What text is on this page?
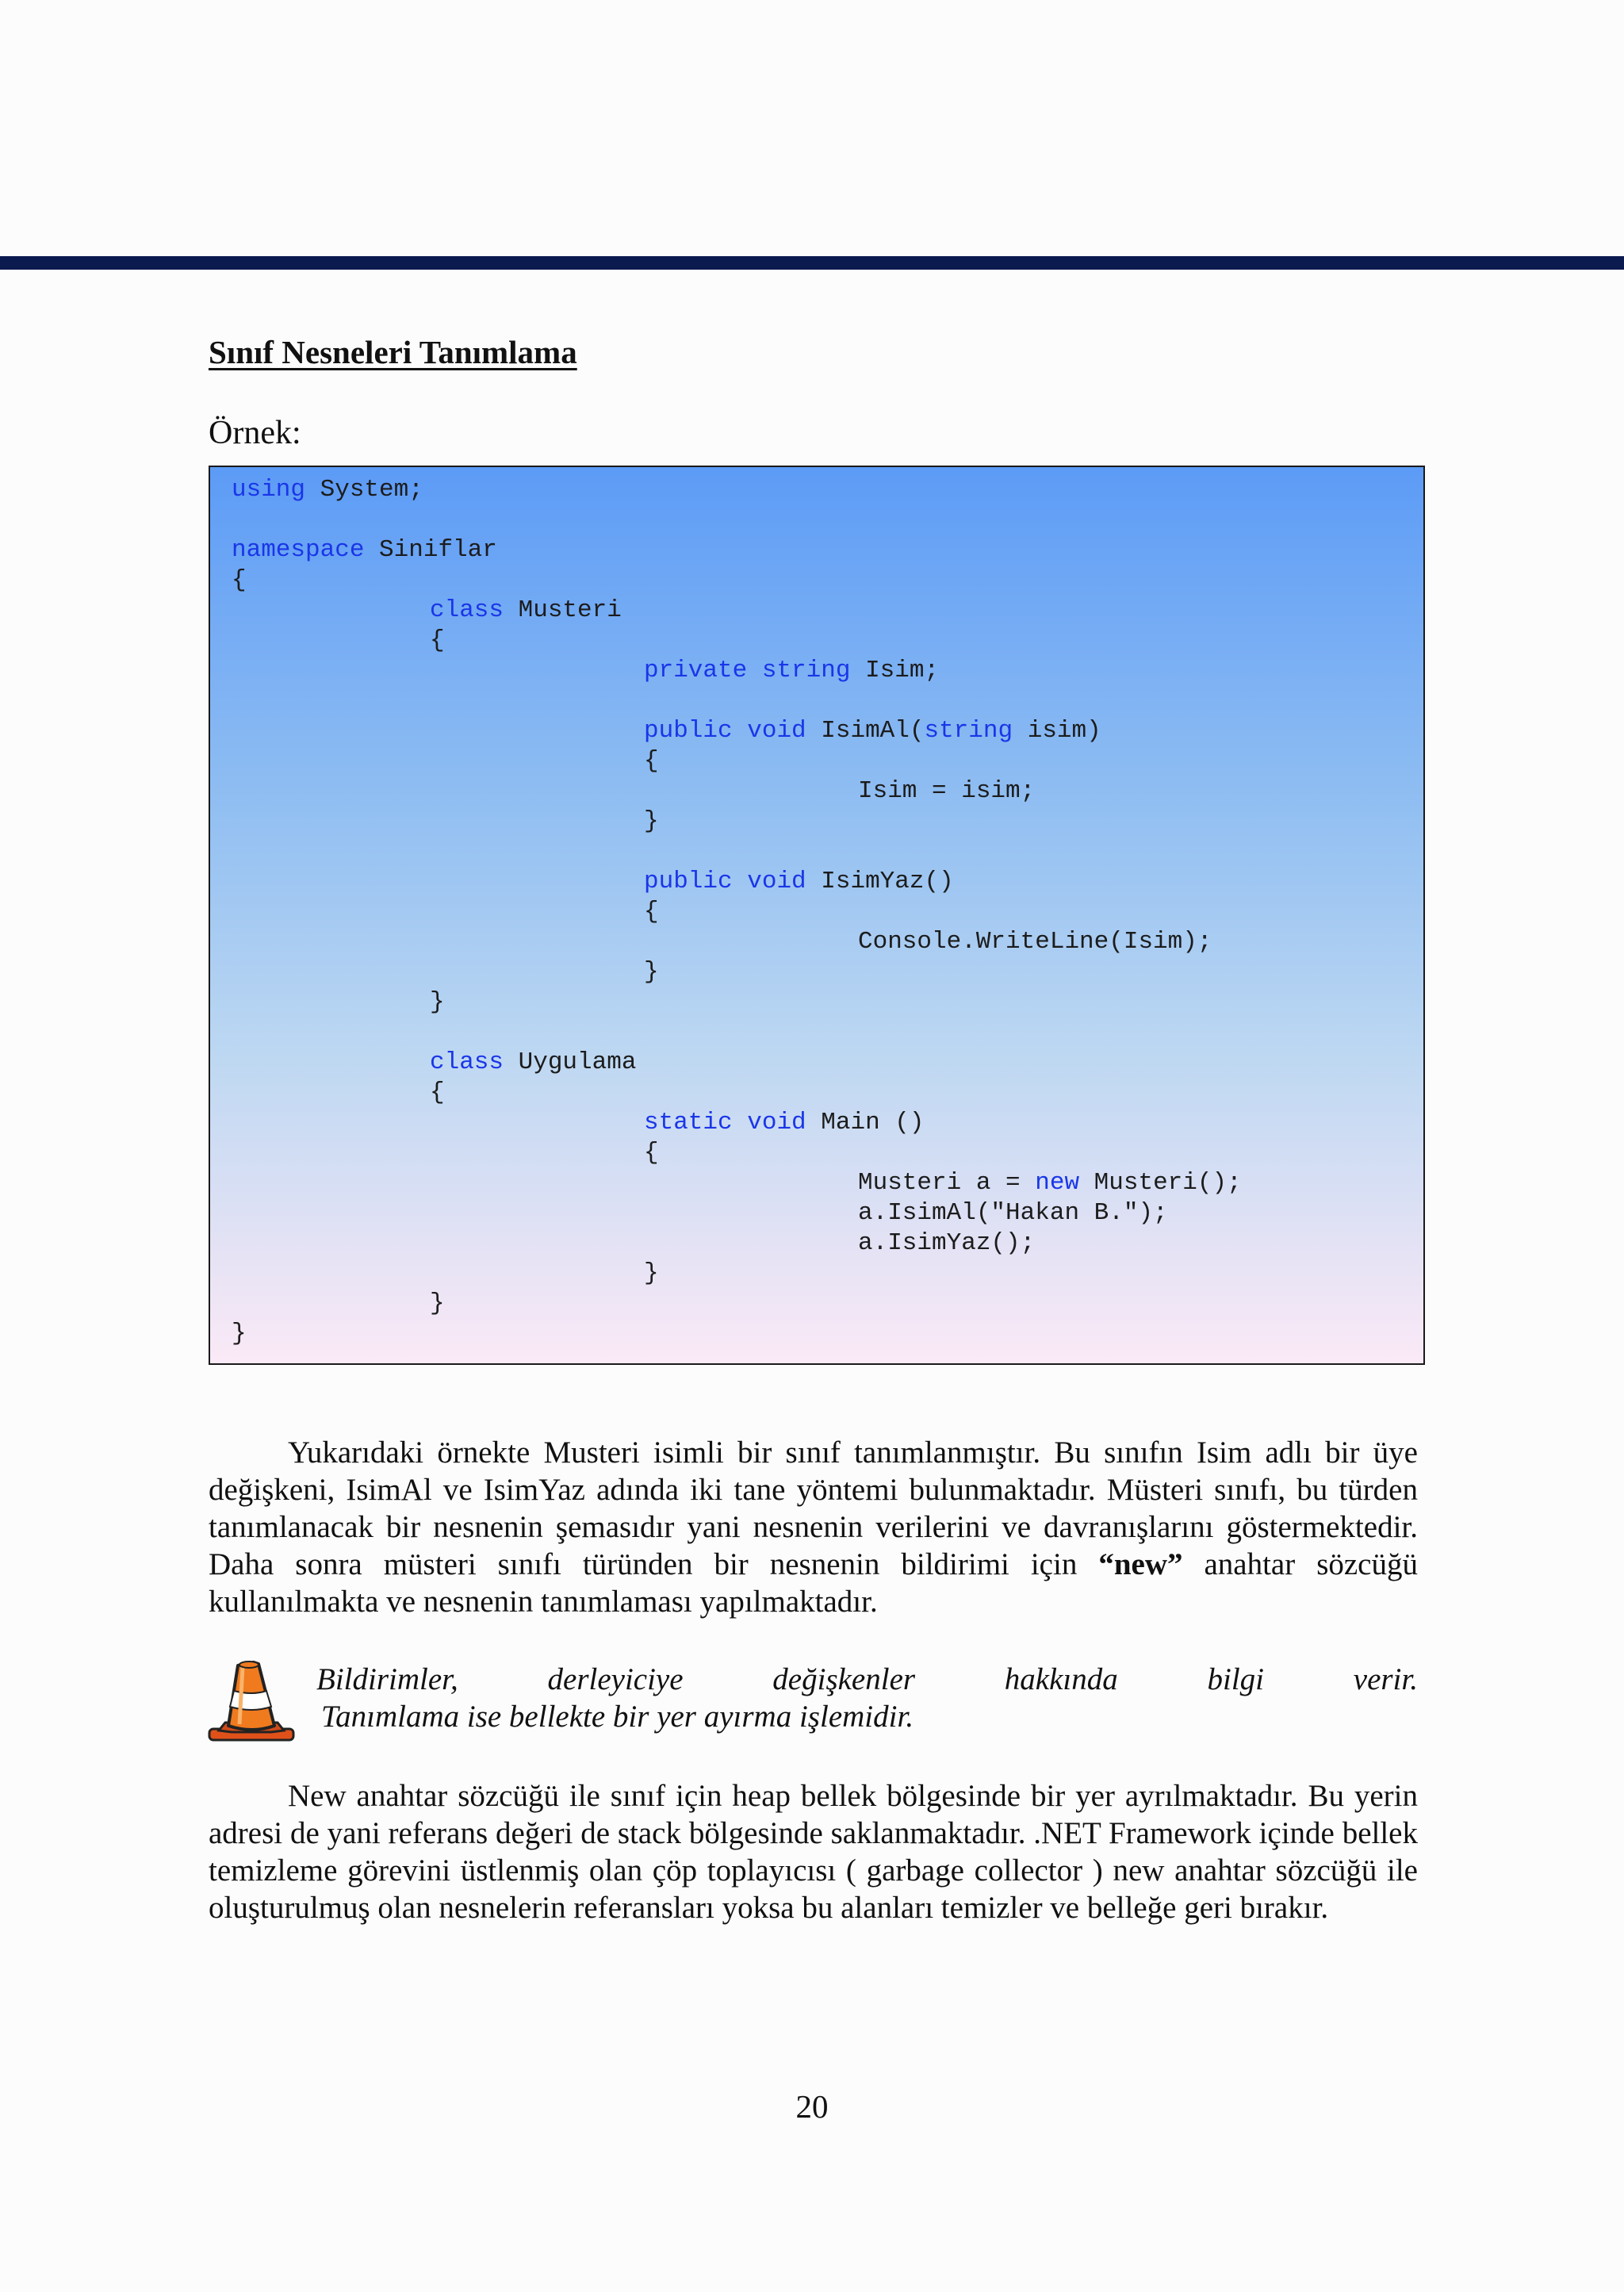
Sınıf Nesneleri Tanımlama
Örnek:
using System;
namespace Siniflar
{
class Musteri
{
private string Isim;
public void IsimAl(string isim)
{
Isim = isim;
}
public void IsimYaz()
{
Console.WriteLine(Isim);
}
}
class Uygulama
{
static void Main ()
{
Musteri a = new Musteri();
a.IsimAl("Hakan B.");
a.IsimYaz();
}
}
}

Yukarıdaki örnekte Musteri isimli bir sınıf tanımlanmıştır. Bu sınıfın Isim adlı bir üye değişkeni, IsimAl ve IsimYaz adında iki tane yöntemi bulunmaktadır. Müsteri sınıfı, bu türden tanımlanacak bir nesnenin şemasıdır yani nesnenin verilerini ve davranışlarını göstermektedir. Daha sonra müsteri sınıfı türünden bir nesnenin bildirimi için “new” anahtar sözcüğü kullanılmakta ve nesnenin tanımlaması yapılmaktadır.

Bildirimler, derleyiciye değişkenler hakkında bilgi verir.
Tanımlama ise bellekte bir yer ayırma işlemidir.

New anahtar sözcüğü ile sınıf için heap bellek bölgesinde bir yer ayrılmaktadır. Bu yerin adresi de yani referans değeri de stack bölgesinde saklanmaktadır. .NET Framework içinde bellek temizleme görevini üstlenmiş olan çöp toplayıcısı ( garbage collector ) new anahtar sözcüğü ile oluşturulmuş olan nesnelerin referansları yoksa bu alanları temizler ve belleğe geri bırakır.

20
